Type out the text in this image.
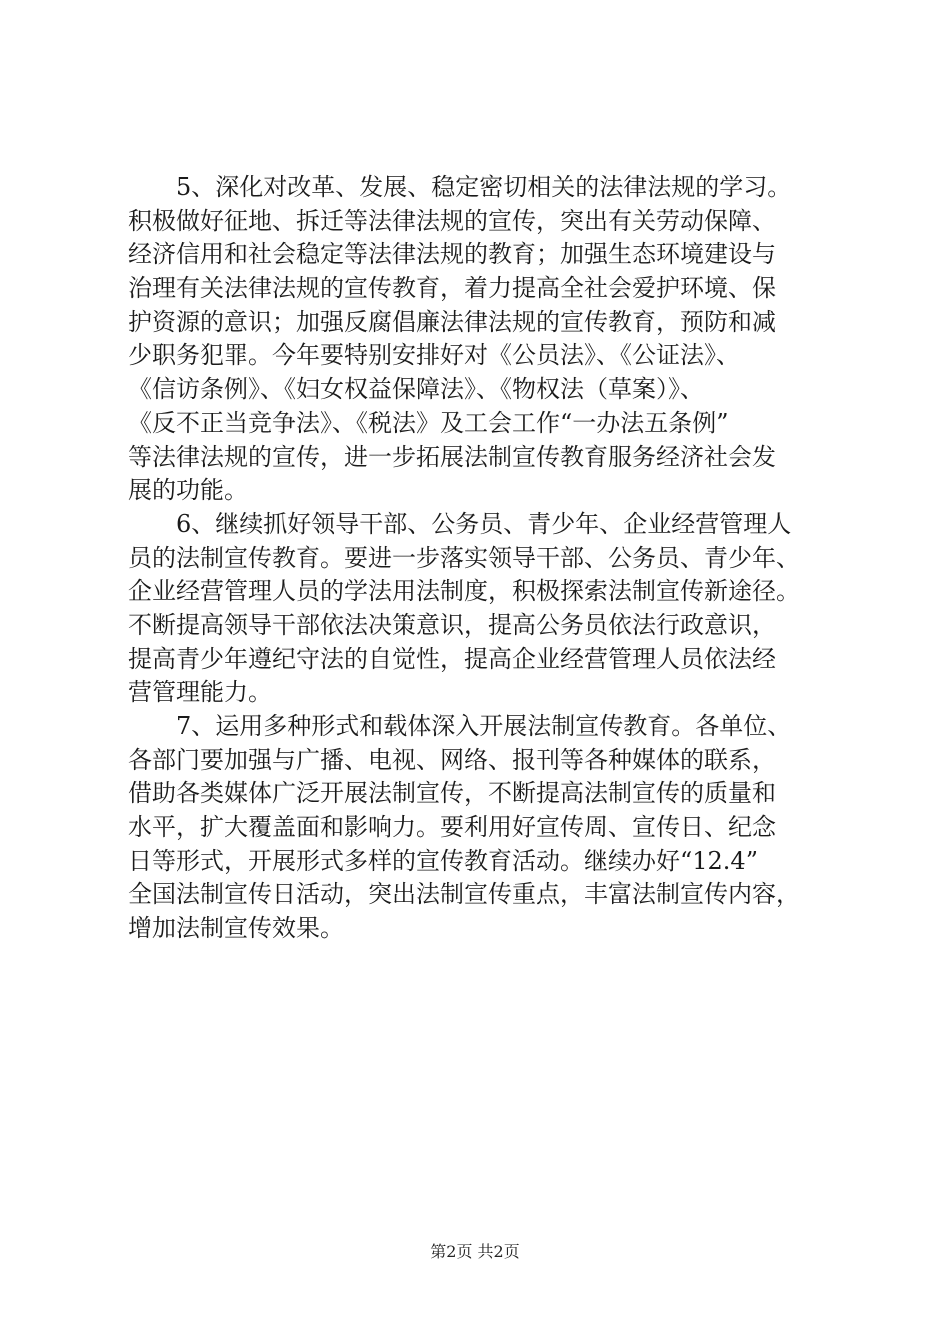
　　5、深化对改革、发展、稳定密切相关的法律法规的学习。
积极做好征地、拆迁等法律法规的宣传，突出有关劳动保障、
经济信用和社会稳定等法律法规的教育；加强生态环境建设与
治理有关法律法规的宣传教育，着力提高全社会爱护环境、保
护资源的意识；加强反腐倡廉法律法规的宣传教育，预防和减
少职务犯罪。今年要特别安排好对《公员法》、《公证法》、
《信访条例》、《妇女权益保障法》、《物权法（草案）》、
《反不正当竞争法》、《税法》及工会工作“一办法五条例”
等法律法规的宣传，进一步拓展法制宣传教育服务经济社会发
展的功能。
　　6、继续抓好领导干部、公务员、青少年、企业经营管理人
员的法制宣传教育。要进一步落实领导干部、公务员、青少年、
企业经营管理人员的学法用法制度，积极探索法制宣传新途径。
不断提高领导干部依法决策意识，提高公务员依法行政意识，
提高青少年遵纪守法的自觉性，提高企业经营管理人员依法经
营管理能力。
　　7、运用多种形式和载体深入开展法制宣传教育。各单位、
各部门要加强与广播、电视、网络、报刊等各种媒体的联系，
借助各类媒体广泛开展法制宣传，不断提高法制宣传的质量和
水平，扩大覆盖面和影响力。要利用好宣传周、宣传日、纪念
日等形式，开展形式多样的宣传教育活动。继续办好“12.4”
全国法制宣传日活动，突出法制宣传重点，丰富法制宣传内容，
增加法制宣传效果。
第2页 共2页
